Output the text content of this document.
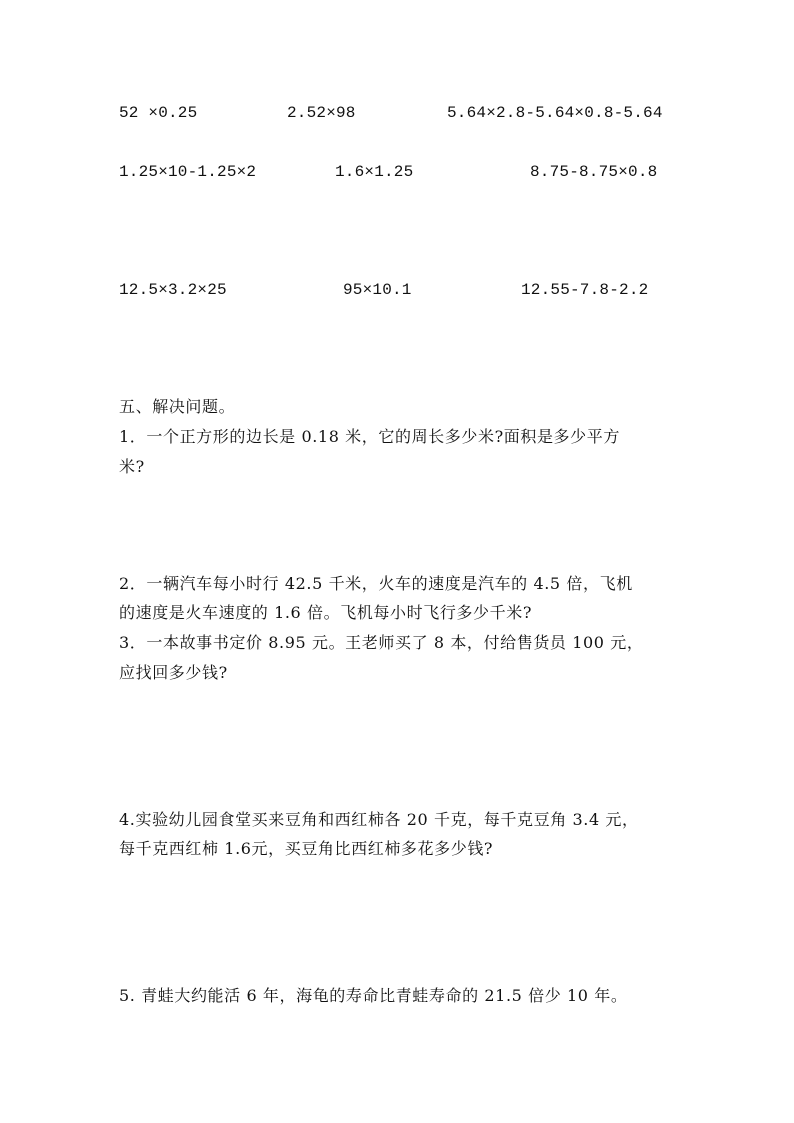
52 ×0.25	2.52×98	5.64×2.8-5.64×0.8-5.64
1.25×10-1.25×2	1.6×1.25	8.75-8.75×0.8
12.5×3.2×25	95×10.1	12.55-7.8-2.2
五、解决问题。
1．一个正方形的边长是 0.18 米，它的周长多少米?面积是多少平方
米?
2．一辆汽车每小时行 42.5 千米，火车的速度是汽车的 4.5 倍，飞机
的速度是火车速度的 1.6 倍。飞机每小时飞行多少千米?
3．一本故事书定价 8.95 元。王老师买了 8 本，付给售货员 100 元，
应找回多少钱?
4.实验幼儿园食堂买来豆角和西红柿各 20 千克，每千克豆角 3.4 元，
每千克西红柿 1.6元，买豆角比西红柿多花多少钱?
5. 青蛙大约能活 6 年，海龟的寿命比青蛙寿命的 21.5 倍少 10 年。
